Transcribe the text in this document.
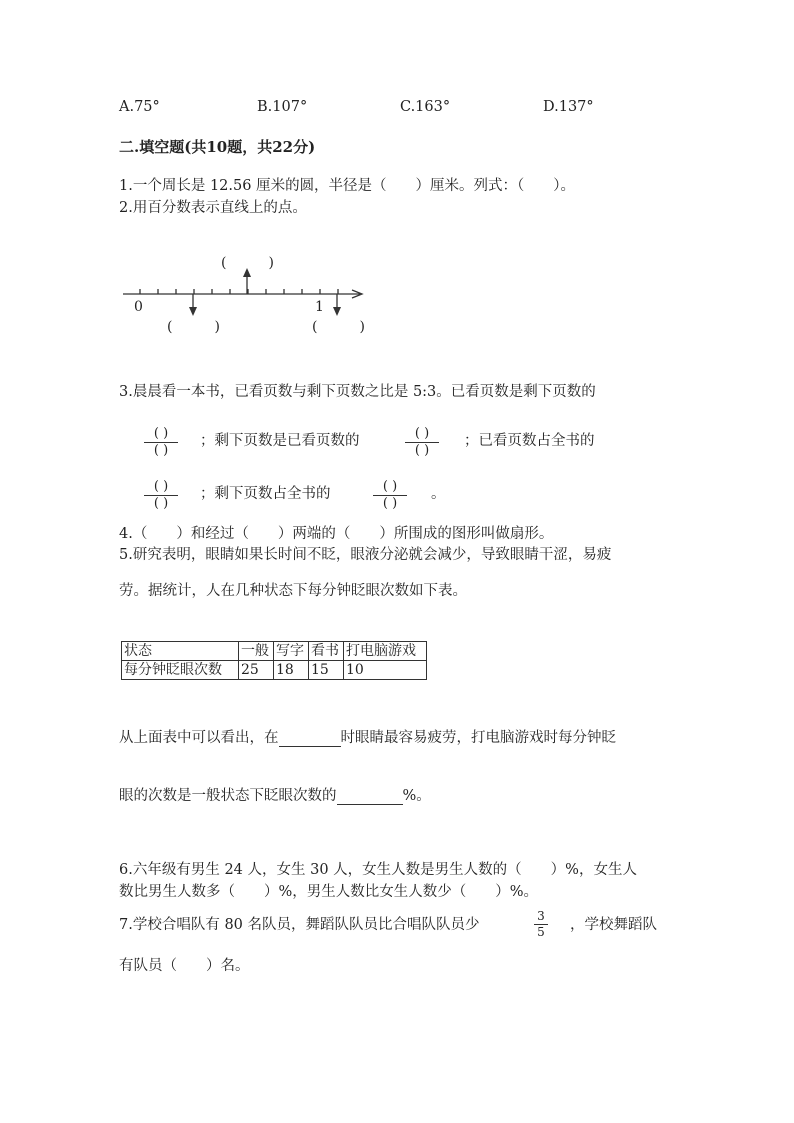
A.75°	B.107°	C.163°	D.137°
二.填空题(共10题，共22分)
1.一个周长是 12.56 厘米的圆，半径是（　　）厘米。列式：（　　）。
2.用百分数表示直线上的点。
0	1
(　　　)
(　　　)	(　　　)
3.晨晨看一本书，已看页数与剩下页数之比是 5:3。已看页数是剩下页数的
( )
( )
；剩下页数是已看页数的	( )
( )
；已看页数占全书的
( )
( )
；剩下页数占全书的	( )
( )
。
4.（　　）和经过（　　）两端的（　　）所围成的图形叫做扇形。
5.研究表明，眼睛如果长时间不眨，眼液分泌就会减少，导致眼睛干涩，易疲
劳。据统计，人在几种状态下每分钟眨眼次数如下表。
状态	一般	写字	看书	打电脑游戏
每分钟眨眼次数	25	18	15	10
从上面表中可以看出，在	时眼睛最容易疲劳，打电脑游戏时每分钟眨
眼的次数是一般状态下眨眼次数的	%。
6.六年级有男生 24 人，女生 30 人，女生人数是男生人数的（　　）%，女生人
数比男生人数多（　　）%，男生人数比女生人数少（　　）%。
7.学校合唱队有 80 名队员，舞蹈队队员比合唱队队员少
3
5 ，学校舞蹈队
有队员（　　）名。
